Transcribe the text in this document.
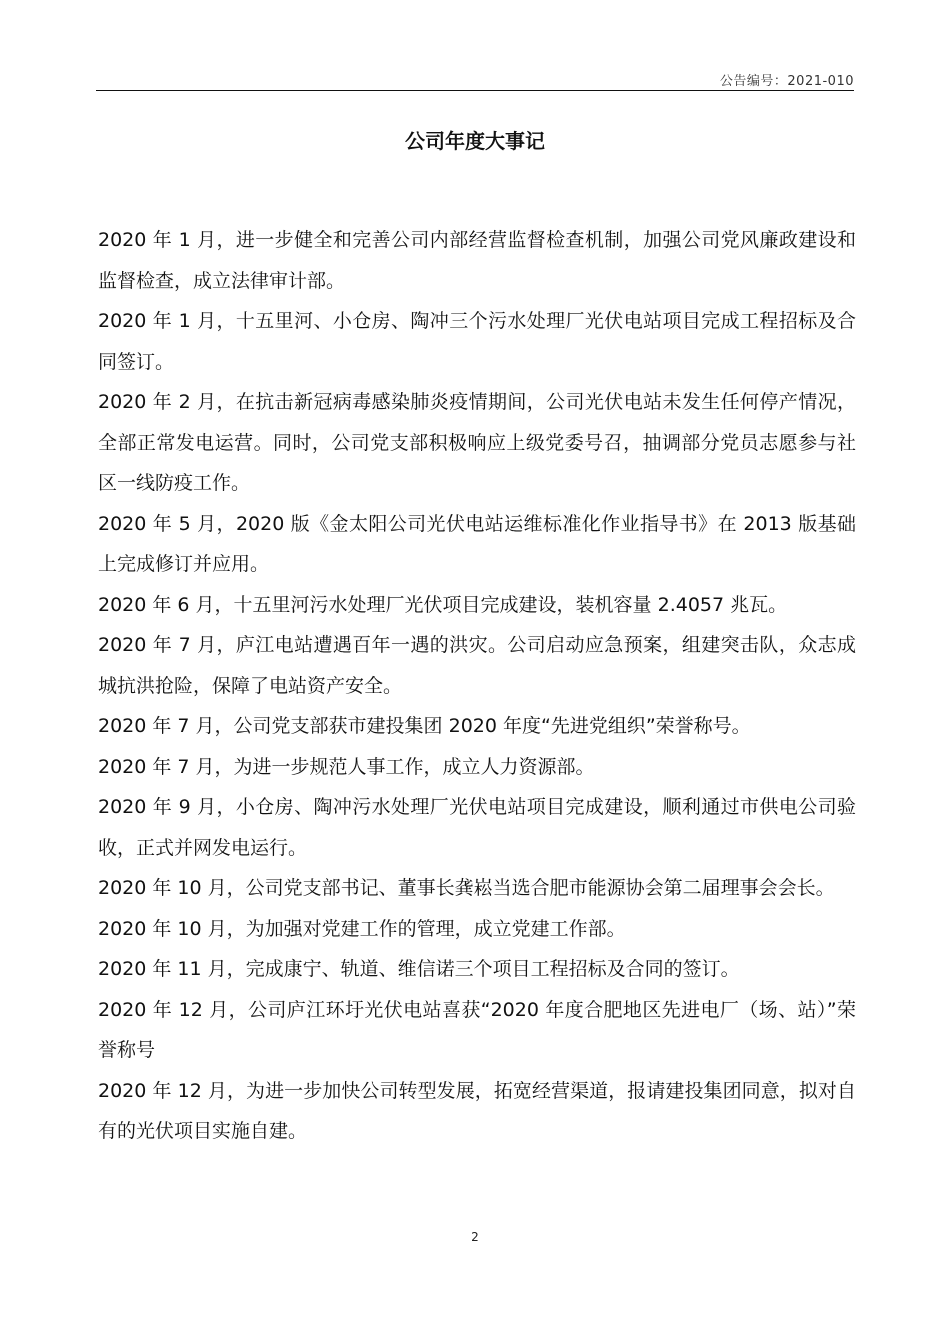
公告编号：2021-010
公司年度大事记
2020 年 1 月，进一步健全和完善公司内部经营监督检查机制，加强公司党风廉政建设和监督检查，成立法律审计部。
2020 年 1 月，十五里河、小仓房、陶冲三个污水处理厂光伏电站项目完成工程招标及合同签订。
2020 年 2 月，在抗击新冠病毒感染肺炎疫情期间，公司光伏电站未发生任何停产情况，全部正常发电运营。同时，公司党支部积极响应上级党委号召，抽调部分党员志愿参与社区一线防疫工作。
2020 年 5 月，2020 版《金太阳公司光伏电站运维标准化作业指导书》在 2013 版基础上完成修订并应用。
2020 年 6 月，十五里河污水处理厂光伏项目完成建设，装机容量 2.4057 兆瓦。
2020 年 7 月，庐江电站遭遇百年一遇的洪灾。公司启动应急预案，组建突击队，众志成城抗洪抢险，保障了电站资产安全。
2020 年 7 月，公司党支部获市建投集团 2020 年度“先进党组织”荣誉称号。
2020 年 7 月，为进一步规范人事工作，成立人力资源部。
2020 年 9 月，小仓房、陶冲污水处理厂光伏电站项目完成建设，顺利通过市供电公司验收，正式并网发电运行。
2020 年 10 月，公司党支部书记、董事长龚崧当选合肥市能源协会第二届理事会会长。
2020 年 10 月，为加强对党建工作的管理，成立党建工作部。
2020 年 11 月，完成康宁、轨道、维信诺三个项目工程招标及合同的签订。
2020 年 12 月，公司庐江环圩光伏电站喜获“2020 年度合肥地区先进电厂（场、站）”荣誉称号
2020 年 12 月，为进一步加快公司转型发展，拓宽经营渠道，报请建投集团同意，拟对自有的光伏项目实施自建。
2
